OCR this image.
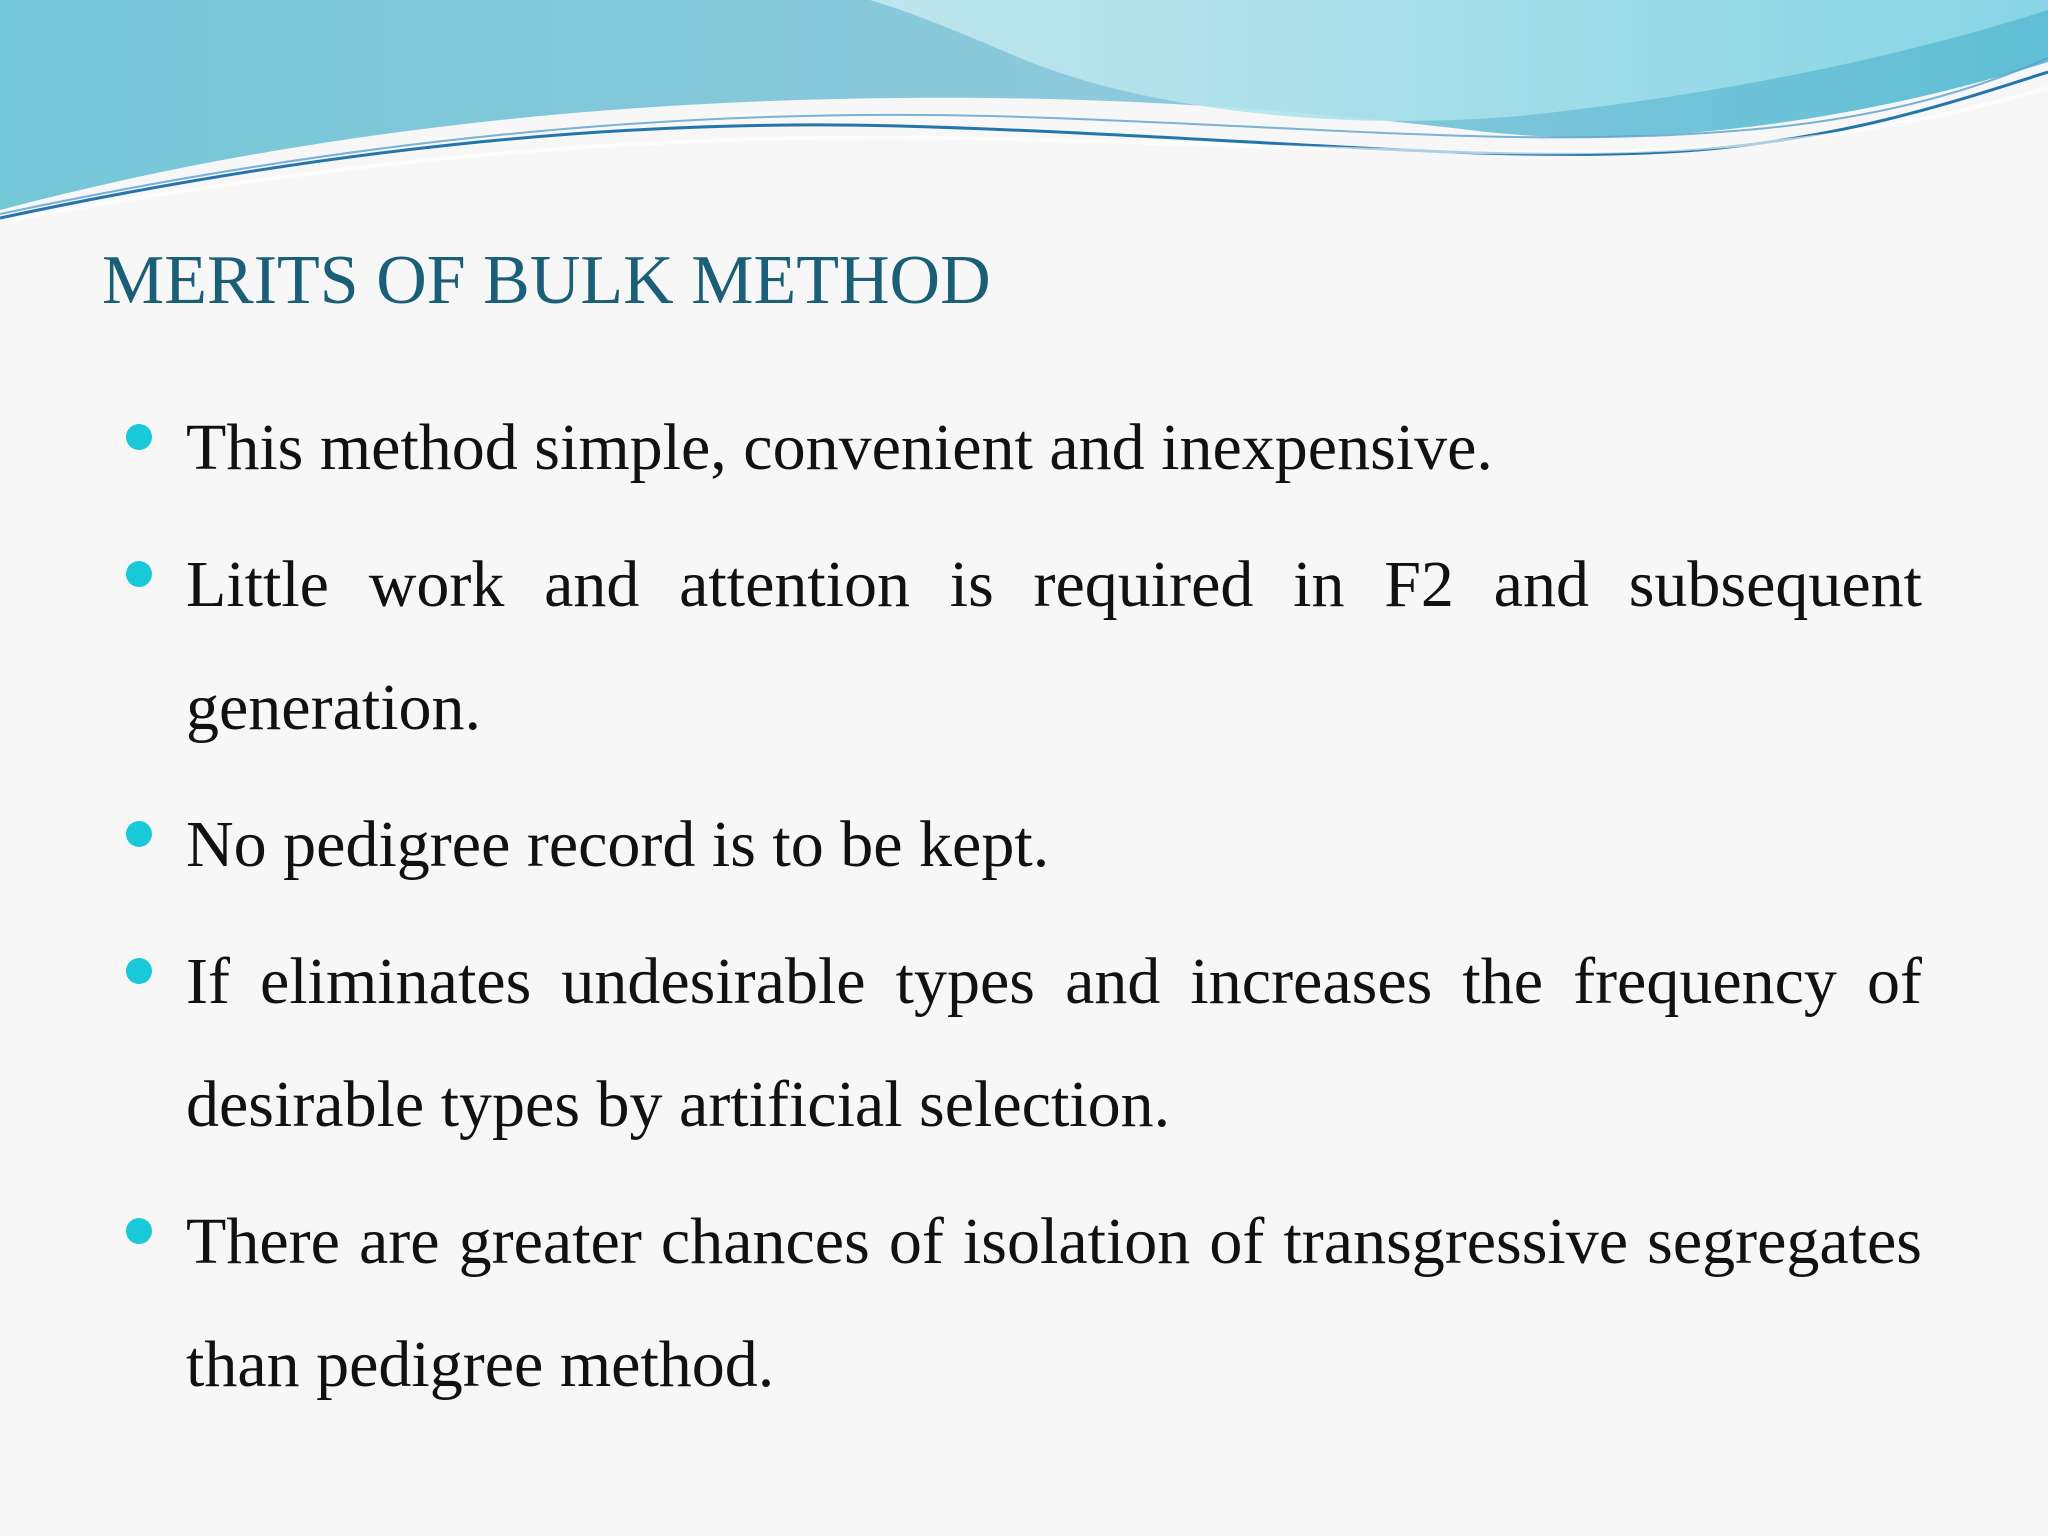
MERITS OF BULK METHOD
This method simple, convenient and inexpensive.
Little work and attention is required in F2 and subsequent generation.
No pedigree record is to be kept.
If eliminates undesirable types and increases the frequency of desirable types by artificial selection.
There are greater chances of isolation of transgressive segregates than pedigree method.
